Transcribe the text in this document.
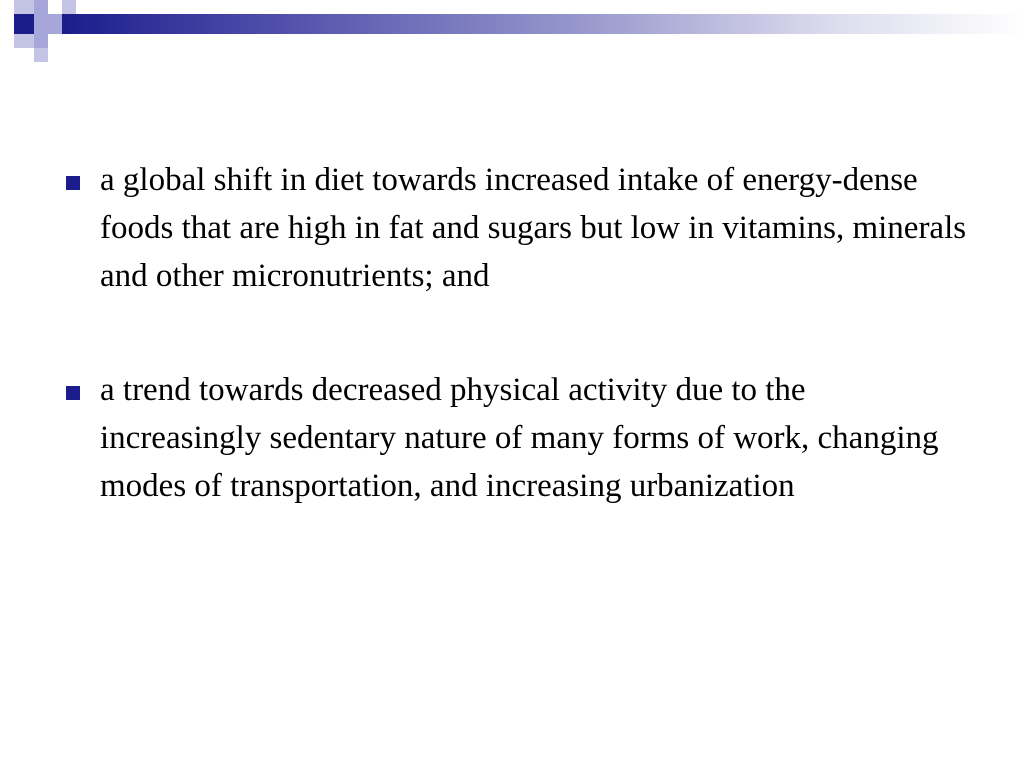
a global shift in diet towards increased intake of energy-dense foods that are high in fat and sugars but low in vitamins, minerals and other micronutrients; and
a trend towards decreased physical activity due to the increasingly sedentary nature of many forms of work, changing modes of transportation, and increasing urbanization
